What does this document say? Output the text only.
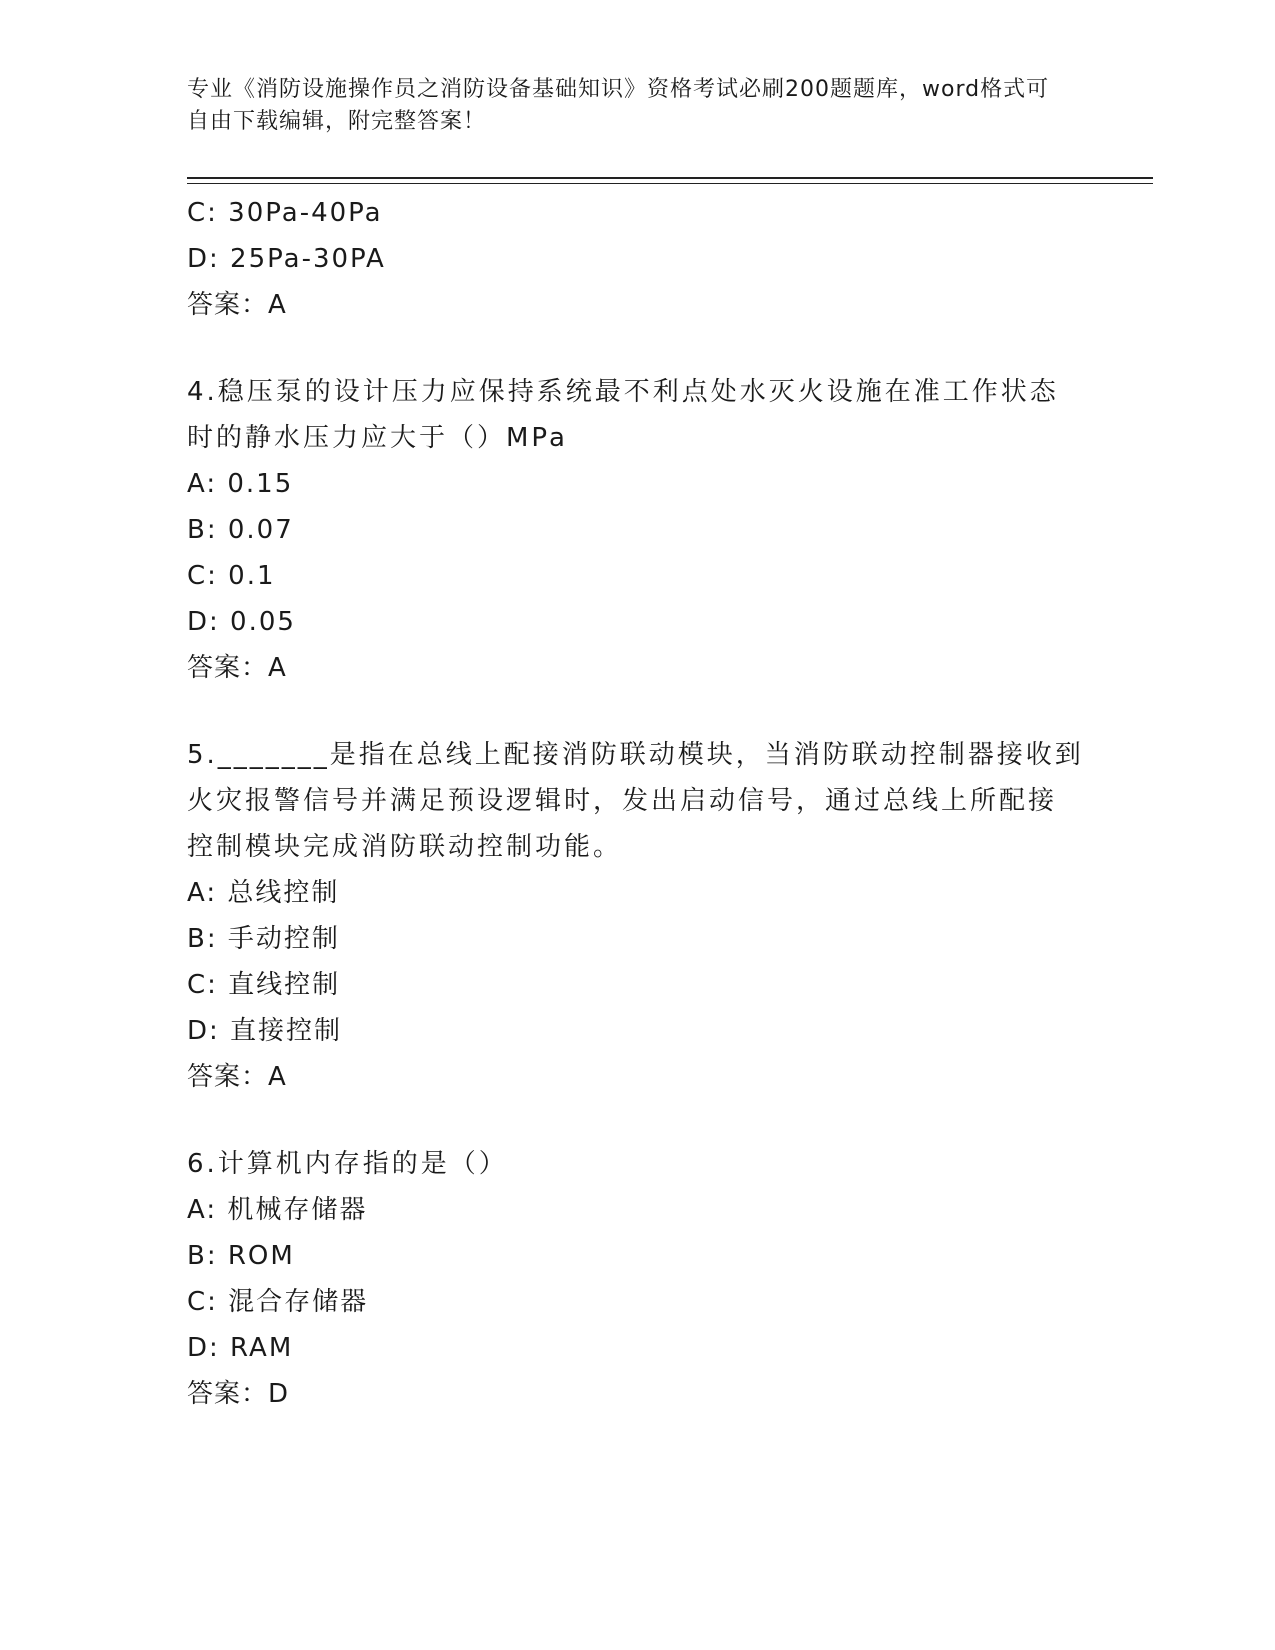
专业《消防设施操作员之消防设备基础知识》资格考试必刷200题题库，word格式可自由下载编辑，附完整答案！
C: 30Pa-40Pa
D: 25Pa-30PA
答案：A
4.稳压泵的设计压力应保持系统最不利点处水灭火设施在准工作状态
时的静水压力应大于（）MPa
A: 0.15
B: 0.07
C: 0.1
D: 0.05
答案：A
5._______是指在总线上配接消防联动模块，当消防联动控制器接收到
火灾报警信号并满足预设逻辑时，发出启动信号，通过总线上所配接
控制模块完成消防联动控制功能。
A: 总线控制
B: 手动控制
C: 直线控制
D: 直接控制
答案：A
6.计算机内存指的是（）
A: 机械存储器
B: ROM
C: 混合存储器
D: RAM
答案：D
